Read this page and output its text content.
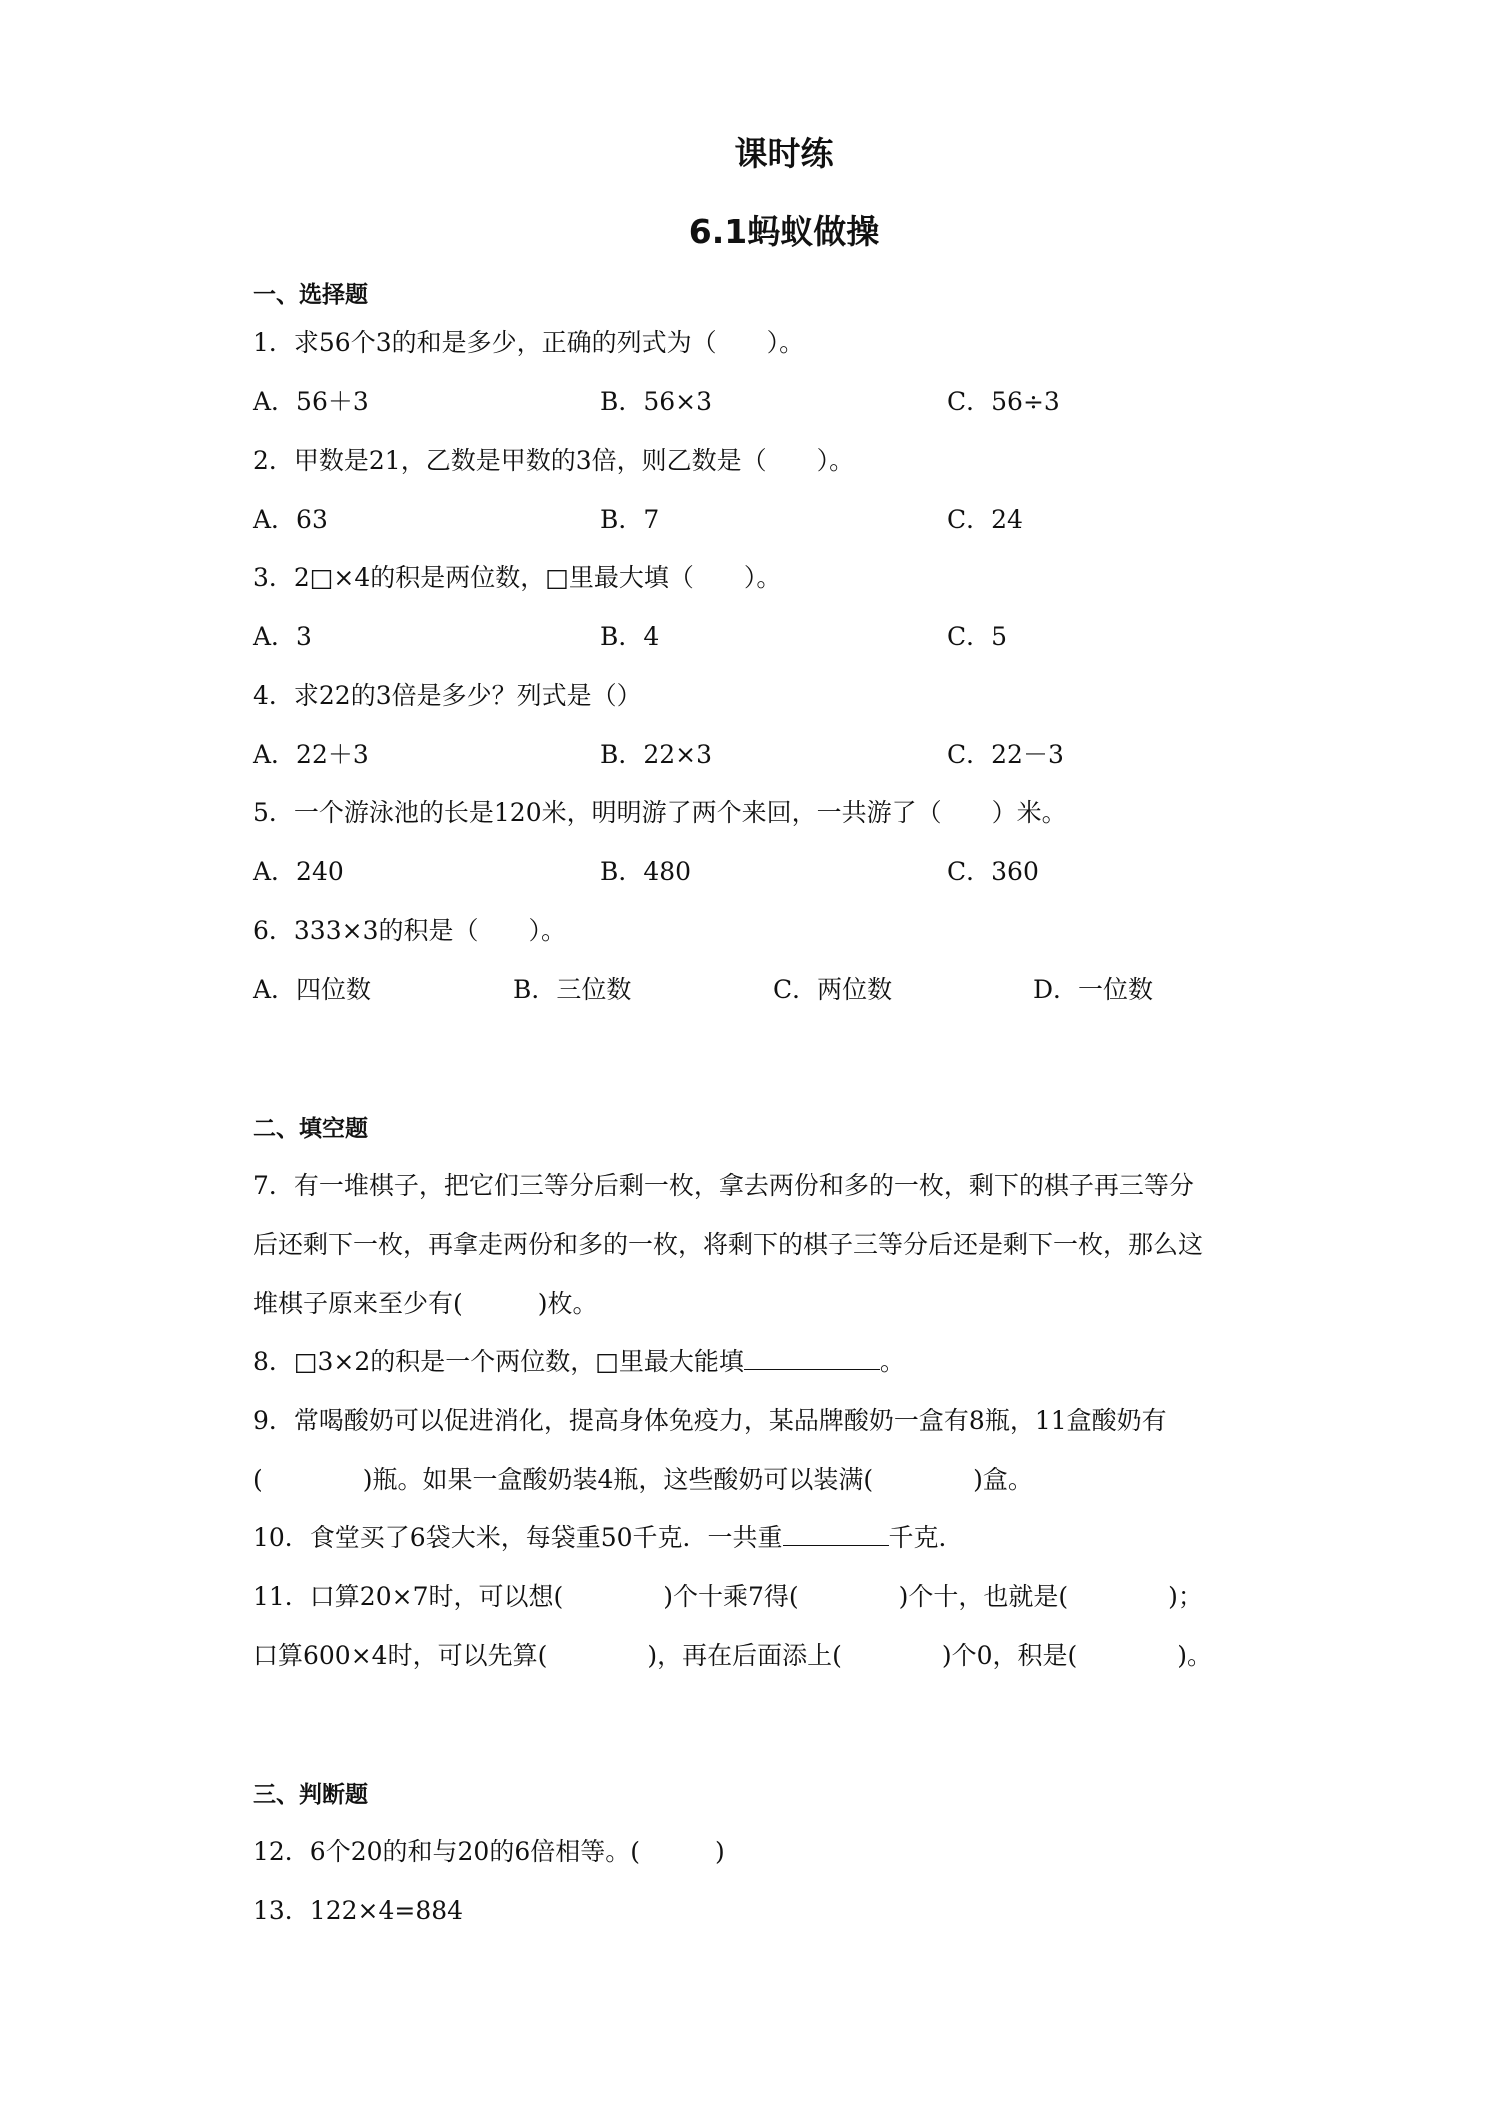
课时练
6.1蚂蚁做操
一、选择题
1．求56个3的和是多少，正确的列式为（　　）。
A．56＋3	B．56×3	C．56÷3
2．甲数是21，乙数是甲数的3倍，则乙数是（　　）。
A．63	B．7	C．24
3．2□×4的积是两位数，□里最大填（　　）。
A．3	B．4	C．5
4．求22的3倍是多少？列式是（）
A．22＋3	B．22×3	C．22－3
5．一个游泳池的长是120米，明明游了两个来回，一共游了（　　）米。
A．240	B．480	C．360
6．333×3的积是（　　）。
A．四位数	B．三位数	C．两位数	D．一位数
二、填空题
7．有一堆棋子，把它们三等分后剩一枚，拿去两份和多的一枚，剩下的棋子再三等分
后还剩下一枚，再拿走两份和多的一枚，将剩下的棋子三等分后还是剩下一枚，那么这
堆棋子原来至少有(　　　)枚。
8．□3×2的积是一个两位数，□里最大能填	。
9．常喝酸奶可以促进消化，提高身体免疫力，某品牌酸奶一盒有8瓶，11盒酸奶有
(　　　　)瓶。如果一盒酸奶装4瓶，这些酸奶可以装满(　　　　)盒。
10．食堂买了6袋大米，每袋重50千克．一共重	千克．
11．口算20×7时，可以想(　　　　)个十乘7得(　　　　)个十，也就是(　　　　)；
口算600×4时，可以先算(　　　　)，再在后面添上(　　　　)个0，积是(　　　　)。
三、判断题
12．6个20的和与20的6倍相等。(　　　)
13．122×4=884
